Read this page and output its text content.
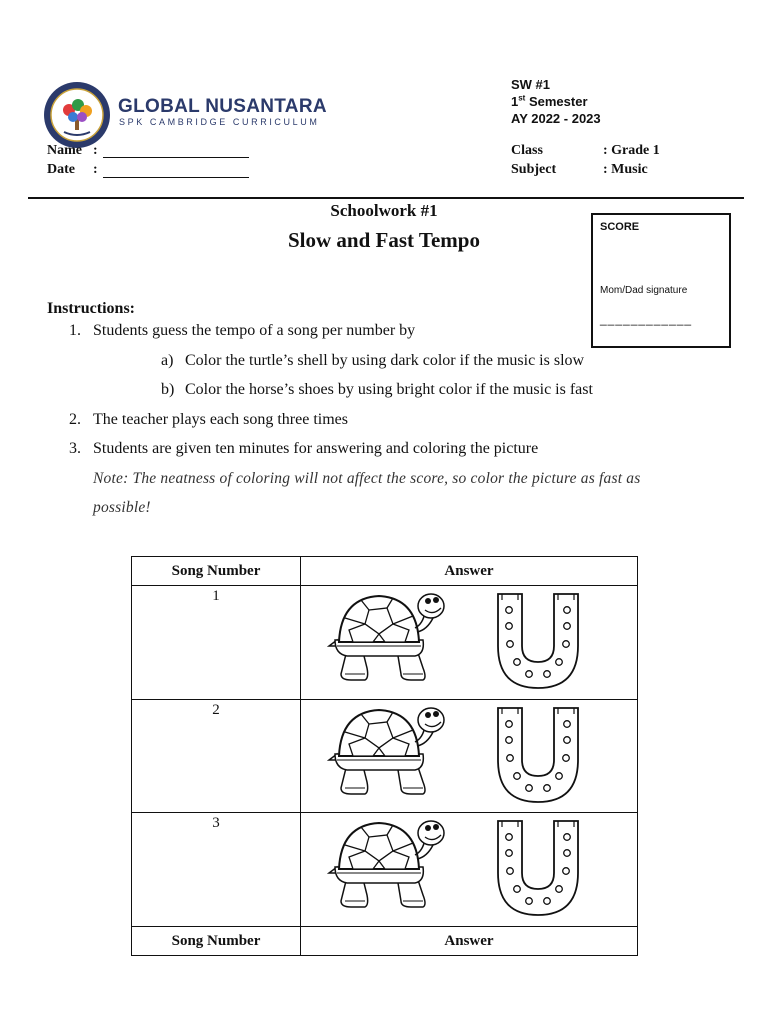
GLOBAL NUSANTARA
SPK CAMBRIDGE CURRICULUM
SW #1
1st Semester
AY 2022 - 2023
Name :
Date :
Class	: Grade 1
Subject	: Music
Schoolwork #1
Slow and Fast Tempo
SCORE
Mom/Dad signature
____________
Instructions:
1. Students guess the tempo of a song per number by
a) Color the turtle’s shell by using dark color if the music is slow
b) Color the horse’s shoes by using bright color if the music is fast
2. The teacher plays each song three times
3. Students are given ten minutes for answering and coloring the picture
Note: The neatness of coloring will not affect the score, so color the picture as fast as
possible!
Song Number	Answer
1	

2	

3	

Song Number	Answer
